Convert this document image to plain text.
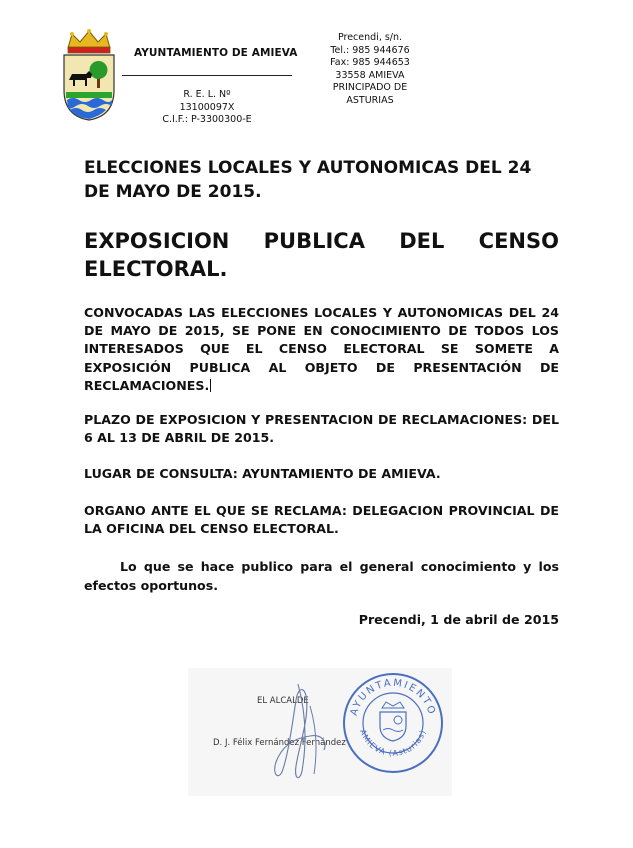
AYUNTAMIENTO DE AMIEVA
R. E. L. Nº 13100097X
C.I.F.: P-3300300-E
Precendi, s/n.
Tel.: 985 944676
Fax: 985 944653
33558 AMIEVA
PRINCIPADO DE ASTURIAS
ELECCIONES LOCALES Y AUTONOMICAS DEL 24
DE MAYO DE 2015.
EXPOSICION PUBLICA DEL CENSO
ELECTORAL.
CONVOCADAS LAS ELECCIONES LOCALES Y AUTONOMICAS DEL 24 DE MAYO DE 2015, SE PONE EN CONOCIMIENTO DE TODOS LOS INTERESADOS QUE EL CENSO ELECTORAL SE SOMETE A EXPOSICIÓN PUBLICA AL OBJETO DE PRESENTACIÓN DE RECLAMACIONES.
PLAZO DE EXPOSICION Y PRESENTACION DE RECLAMACIONES: DEL 6 AL 13 DE ABRIL DE 2015.
LUGAR DE CONSULTA: AYUNTAMIENTO DE AMIEVA.
ORGANO ANTE EL QUE SE RECLAMA: DELEGACION PROVINCIAL DE LA OFICINA DEL CENSO ELECTORAL.
Lo que se hace publico para el general conocimiento y los efectos oportunos.
Precendi, 1 de abril de 2015
EL ALCALDE
D. J. Félix Fernández Fernández
AYUNTAMIENTO
AMIEVA (Asturias)
